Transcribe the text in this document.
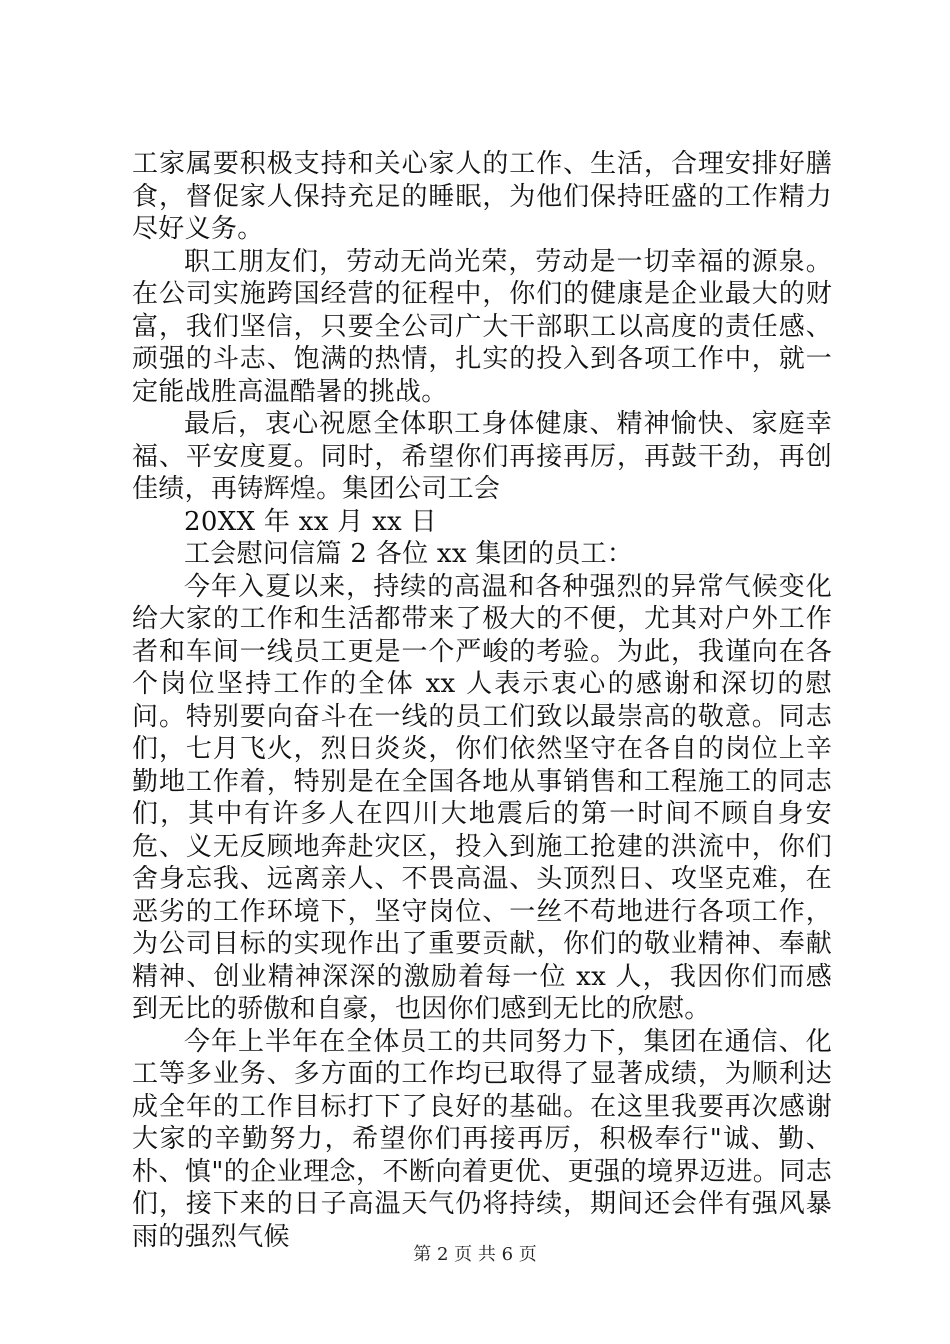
工家属要积极支持和关心家人的工作、生活，合理安排好膳食，督促家人保持充足的睡眠，为他们保持旺盛的工作精力尽好义务。

职工朋友们，劳动无尚光荣，劳动是一切幸福的源泉。在公司实施跨国经营的征程中，你们的健康是企业最大的财富，我们坚信，只要全公司广大干部职工以高度的责任感、顽强的斗志、饱满的热情，扎实的投入到各项工作中，就一定能战胜高温酷暑的挑战。

最后，衷心祝愿全体职工身体健康、精神愉快、家庭幸福、平安度夏。同时，希望你们再接再厉，再鼓干劲，再创佳绩，再铸辉煌。集团公司工会

20XX 年 xx 月 xx 日

工会慰问信篇 2 各位 xx 集团的员工：

今年入夏以来，持续的高温和各种强烈的异常气候变化给大家的工作和生活都带来了极大的不便，尤其对户外工作者和车间一线员工更是一个严峻的考验。为此，我谨向在各个岗位坚持工作的全体 xx 人表示衷心的感谢和深切的慰问。特别要向奋斗在一线的员工们致以最崇高的敬意。同志们，七月飞火，烈日炎炎，你们依然坚守在各自的岗位上辛勤地工作着，特别是在全国各地从事销售和工程施工的同志们，其中有许多人在四川大地震后的第一时间不顾自身安危、义无反顾地奔赴灾区，投入到施工抢建的洪流中，你们舍身忘我、远离亲人、不畏高温、头顶烈日、攻坚克难，在恶劣的工作环境下，坚守岗位、一丝不苟地进行各项工作，为公司目标的实现作出了重要贡献，你们的敬业精神、奉献精神、创业精神深深的激励着每一位 xx 人，我因你们而感到无比的骄傲和自豪，也因你们感到无比的欣慰。

今年上半年在全体员工的共同努力下，集团在通信、化工等多业务、多方面的工作均已取得了显著成绩，为顺利达成全年的工作目标打下了良好的基础。在这里我要再次感谢大家的辛勤努力，希望你们再接再厉，积极奉行"诚、勤、朴、慎"的企业理念，不断向着更优、更强的境界迈进。同志们，接下来的日子高温天气仍将持续，期间还会伴有强风暴雨的强烈气候

第 2 页 共 6 页
